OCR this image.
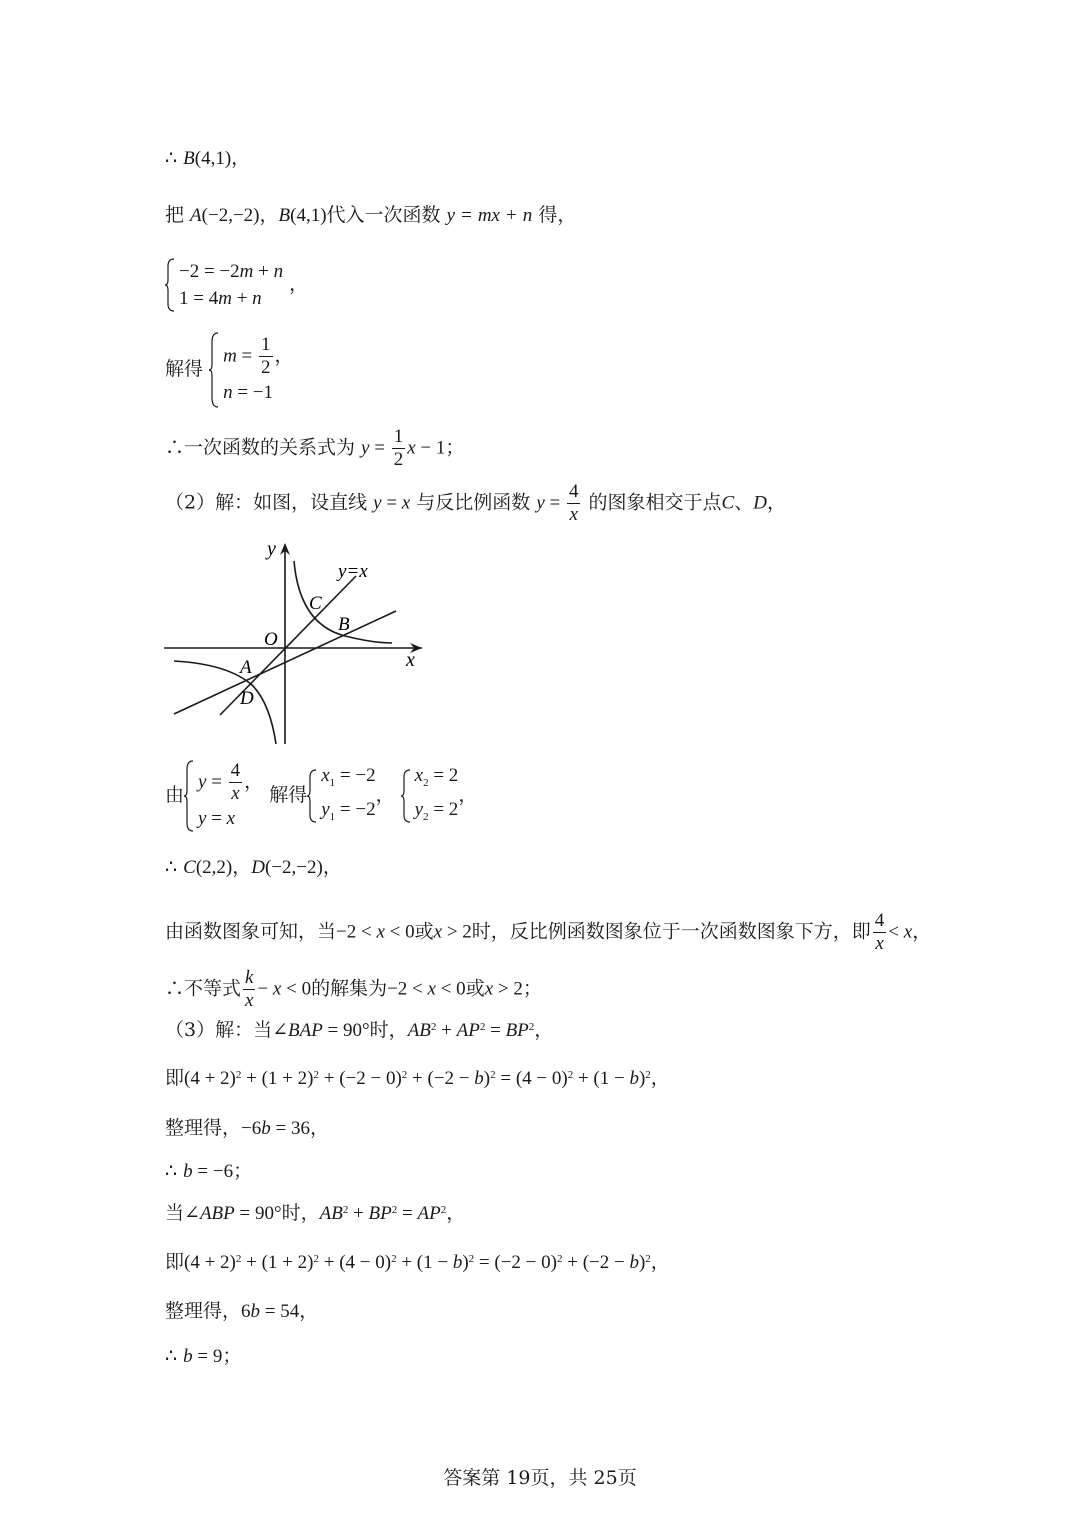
∴ B(4,1)，
把 A(−2,−2)，B(4,1)代入一次函数 y = mx + n 得，
−2 = −2m + n
1 = 4m + n
，
解得
$m = \frac{1}{2}$ ，
n = −1
∴一次函数的关系式为 $y = \frac{1}{2}$ x − 1；
（2）解：如图，设直线 y = x 与反比例函数 $y = \frac{4}{x}$ 的图象相交于点C、D，
y
x
y=x
O
A
B
C
D
由
$y = \frac{4}{x}$ ，
y = x
解得
$x_1 = -2$
$y_1 = -2$
，
$x_2 = 2$
$y_2 = 2$
，
∴ C(2,2)，D(−2,−2)，
由函数图象可知，当−2 < x < 0或x > 2时，反比例函数图象位于一次函数图象下方，即 $\frac{4}{x} < x$，
∴不等式 $\frac{k}{x} - x < 0$的解集为−2 < x < 0或x > 2；
（3）解：当∠BAP = 90°时，$AB^2 + AP^2 = BP^2$，
即$(4 + 2)^2 + (1 + 2)^2 + (-2 - 0)^2 + (-2 - b)^2 = (4 - 0)^2 + (1 - b)^2$，
整理得，−6b = 36，
∴ b = −6；
当∠ABP = 90°时，$AB^2 + BP^2 = AP^2$，
即$(4 + 2)^2 + (1 + 2)^2 + (4 - 0)^2 + (1 - b)^2 = (-2 - 0)^2 + (-2 - b)^2$，
整理得，6b = 54，
∴ b = 9；
答案第 19页，共 25页
